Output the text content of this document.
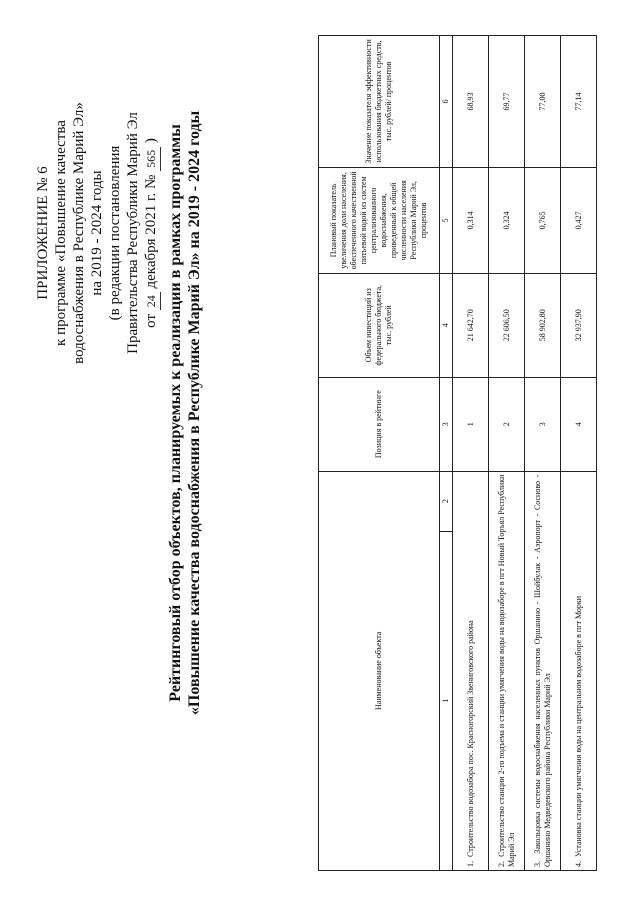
ПРИЛОЖЕНИЕ № 6 к программе «Повышение качества водоснабжения в Республике Марий Эл» на 2019 - 2024 годы (в редакции постановления Правительства Республики Марий Эл от 24 декабря 2021 г. № 565 ) Рейтинговый отбор объектов, планируемых к реализации в рамках программы «Повышение качества водоснабжения в Республике Марий Эл» на 2019 - 2024 годы	Наименование объекта		Позиция в рейтинге	Объем инвестиций из федерального бюджета, тыс. рублей	Плановый показатель увеличения доли населения, обеспеченного качественной питьевой водой из систем централизованного водоснабжения, приведенный к общей численности населения Республики Марий Эл, процентов	Значение показателя эффективности использования бюджетных средств, тыс. рублей/ процентов
1	2	3	4	5	6
1.  Строительство водозабора пос. Красногорский Звениговского района		1	21 642,70	0,314	68,93
2.  Строительство станции 2-го подъема и станции умягчения воды на водозаборе в пгт Новый Торъял Республики Марий Эл		2	22 606,50	0,324	69,77
3.  Закольцовка системы водоснабжения населенных пунктов Оршанино - Шойбулак - Аэропорт - Сосново - Оршанино Медведевского района Республики Марий Эл		3	58 902,80	0,765	77,00
4.  Установка станции умягчения воды на центральном водозаборе в пгт Морки		4	32 937,90	0,427	77,14
